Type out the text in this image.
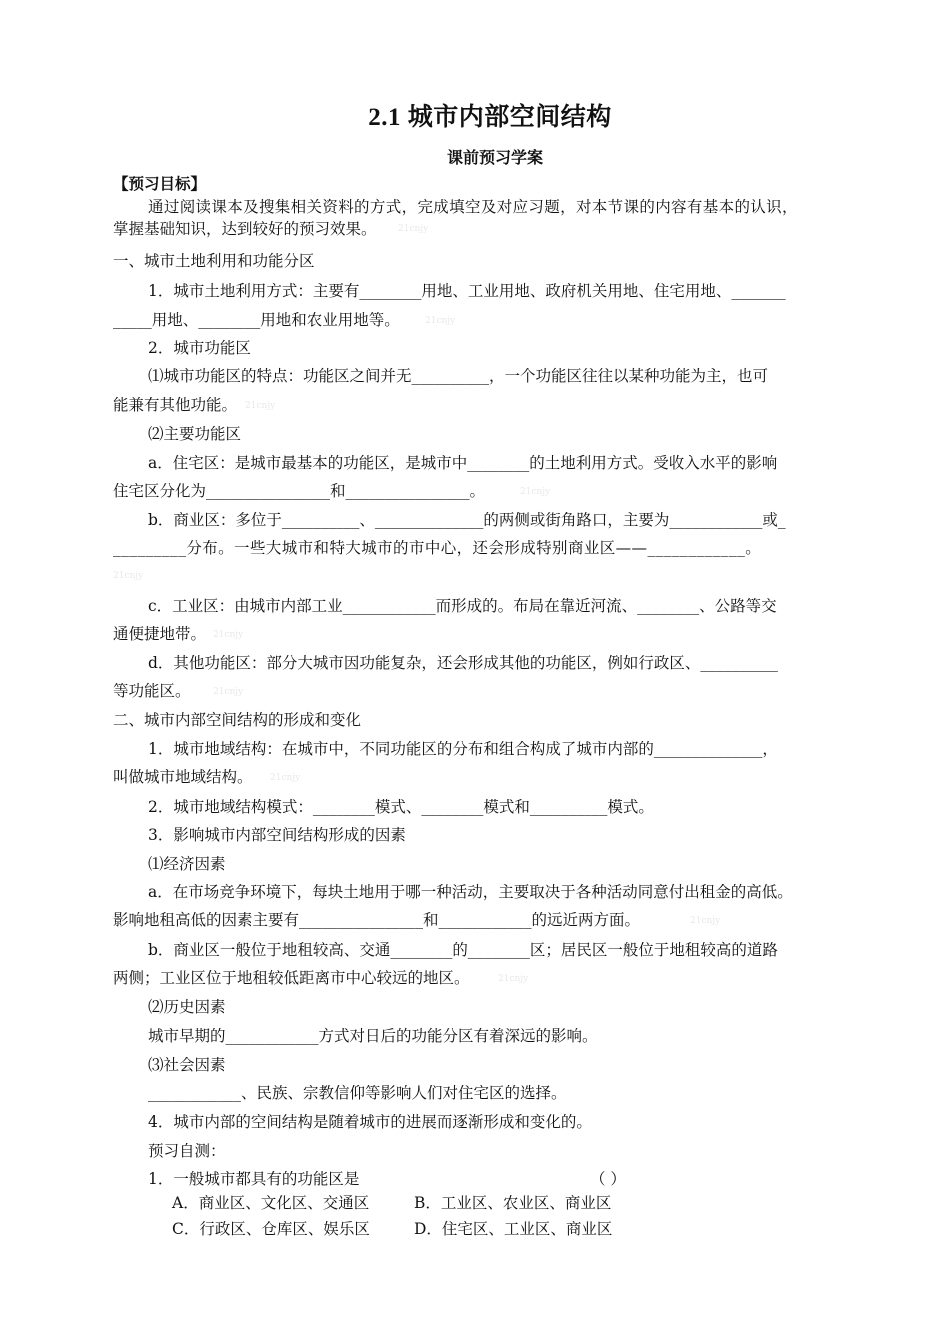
2.1 城市内部空间结构
课前预习学案
【预习目标】
通过阅读课本及搜集相关资料的方式，完成填空及对应习题，对本节课的内容有基本的认识，
掌握基础知识，达到较好的预习效果。 21cnjy
一、城市土地利用和功能分区
1．城市土地利用方式：主要有________用地、工业用地、政府机关用地、住宅用地、_______
_____用地、________用地和农业用地等。	21cnjy
2．城市功能区
⑴城市功能区的特点：功能区之间并无__________，一个功能区往往以某种功能为主，也可
能兼有其他功能。 21cnjy
⑵主要功能区
a．住宅区：是城市最基本的功能区，是城市中________的土地利用方式。受收入水平的影响
住宅区分化为________________和________________。	21cnjy
b．商业区：多位于__________、______________的两侧或街角路口，主要为____________或_
_________分布。一些大城市和特大城市的市中心，还会形成特别商业区——____________。
21cnjy
c．工业区：由城市内部工业____________而形成的。布局在靠近河流、________、公路等交
通便捷地带。 21cnjy
d．其他功能区：部分大城市因功能复杂，还会形成其他的功能区，例如行政区、__________
等功能区。 21cnjy
二、城市内部空间结构的形成和变化
1．城市地域结构：在城市中，不同功能区的分布和组合构成了城市内部的______________，
叫做城市地域结构。 21cnjy
2．城市地域结构模式：________模式、________模式和__________模式。
3．影响城市内部空间结构形成的因素
⑴经济因素
a．在市场竞争环境下，每块土地用于哪一种活动，主要取决于各种活动同意付出租金的高低。
影响地租高低的因素主要有________________和____________的远近两方面。	21cnjy
b．商业区一般位于地租较高、交通________的________区；居民区一般位于地租较高的道路
两侧；工业区位于地租较低距离市中心较远的地区。	21cnjy
⑵历史因素
城市早期的____________方式对日后的功能分区有着深远的影响。
⑶社会因素
____________、民族、宗教信仰等影响人们对住宅区的选择。
4．城市内部的空间结构是随着城市的进展而逐渐形成和变化的。
预习自测：
1．一般城市都具有的功能区是	（ ）
A．商业区、文化区、交通区	B．工业区、农业区、商业区
C．行政区、仓库区、娱乐区	D．住宅区、工业区、商业区
